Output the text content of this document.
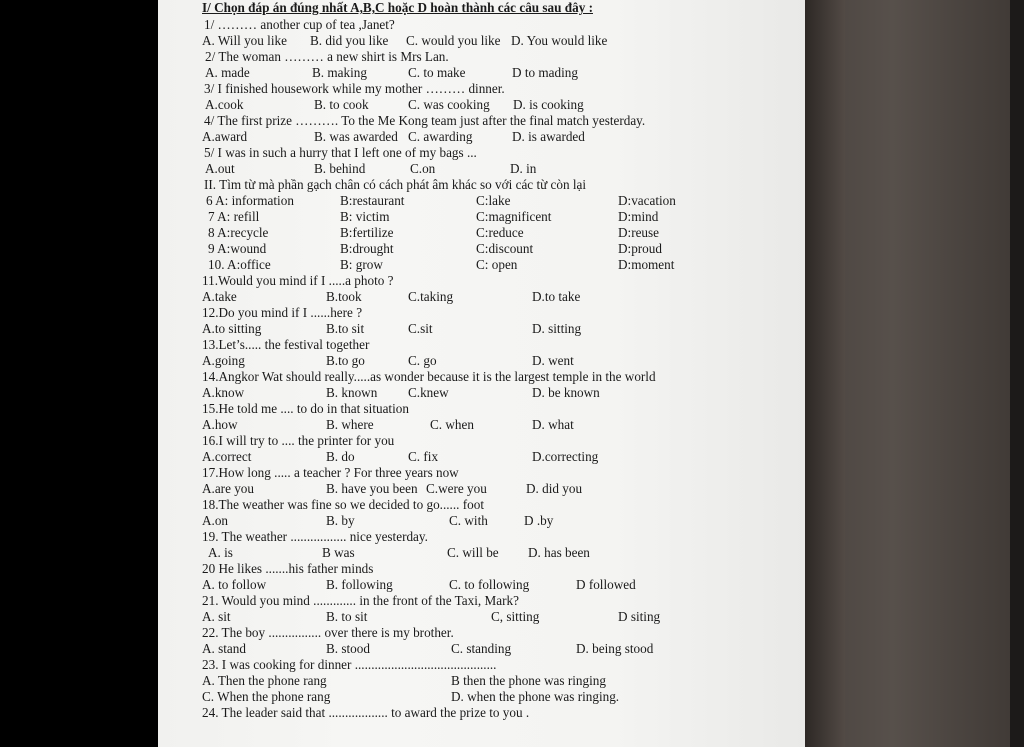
I/ Chọn đáp án đúng nhất A,B,C hoặc D hoàn thành các câu sau đây :
1/ ……… another cup of tea ,Janet?
A. Will you like B. did you like C. would you like D. You would like
2/ The woman ……… a new shirt is Mrs Lan.
A. made	B. making	C. to make	D to mading
3/ I finished housework while my mother ……… dinner.
A.cook	B. to cook	C. was cooking D. is cooking
4/ The first prize ………. To the Me Kong team just after the final match yesterday.
A.award	B. was awarded C. awarding	D. is awarded
5/ I was in such a hurry that I left one of my bags ...
A.out	B. behind	C.on	D. in
II. Tìm từ mà phần gạch chân có cách phát âm khác so với các từ còn lại
6 A: information	B:restaurant	C:lake	D:vacation
7 A: refill	B: victim	C:magnificent	D:mind
8 A:recycle	B:fertilize	C:reduce	D:reuse
9 A:wound	B:drought	C:discount	D:proud
10. A:office	B: grow	C: open	D:moment
11.Would you mind if I .....a photo ?
A.take	B.took	C.taking	D.to take
12.Do you mind if I ......here ?
A.to sitting	B.to sit	C.sit	D. sitting
13.Let’s..... the festival together
A.going	B.to go	C. go	D. went
14.Angkor Wat should really.....as wonder because it is the largest temple in the world
A.know	B. known C.knew	D. be known
15.He told me .... to do in that situation
A.how	B. where	C. when	D. what
16.I will try to .... the printer for you
A.correct	B. do	C. fix	D.correcting
17.How long ..... a teacher ? For three years now
A.are you	B. have you been C.were you	D. did you
18.The weather was fine so we decided to go...... foot
A.on	B. by	C. with	D .by
19. The weather ................. nice yesterday.
A. is	B was	C. will be D. has been
20 He likes .......his father minds
A. to follow	B. following	C. to following	D followed
21. Would you mind ............. in the front of the Taxi, Mark?
A. sit	B. to sit	C, sitting	D siting
22. The boy ................ over there is my brother.
A. stand	B. stood	C. standing	D. being stood
23. I was cooking for dinner ...........................................
A. Then the phone rang	B then the phone was ringing
C. When the phone rang	D. when the phone was ringing.
24. The leader said that .................. to award the prize to you .
